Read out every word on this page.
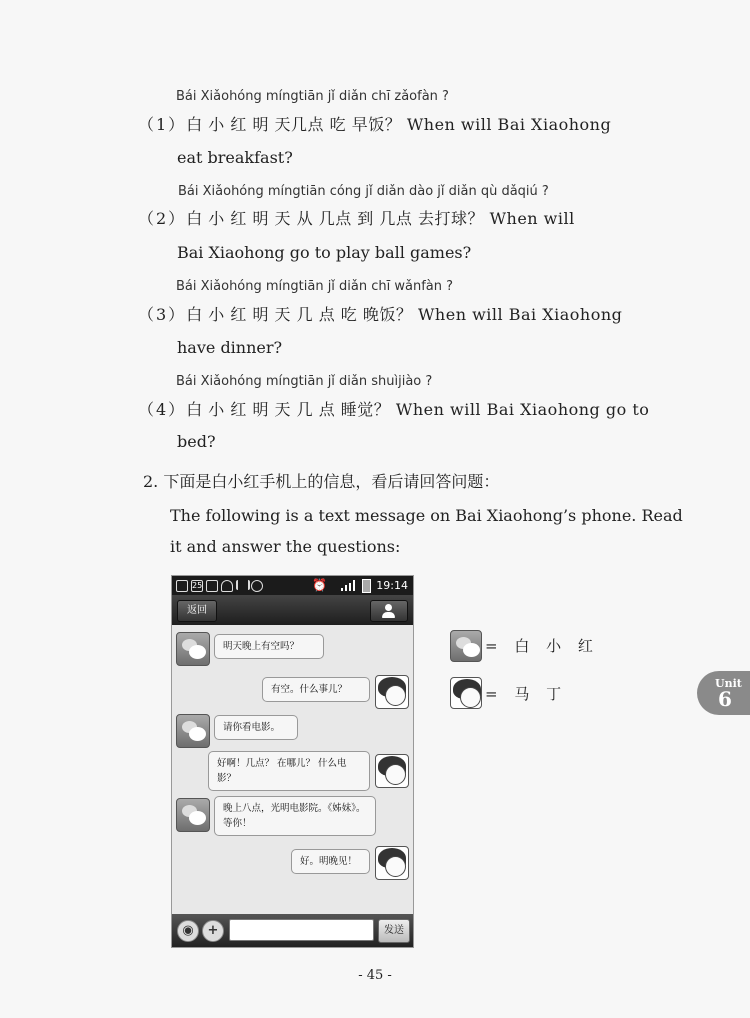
Bái Xiǎohóng míngtiān jǐ diǎn chī zǎofàn ?
（1）白 小 红 明 天几点 吃 早饭？ When will Bai Xiaohong
eat breakfast?
Bái Xiǎohóng míngtiān cóng jǐ diǎn dào jǐ diǎn qù dǎqiú ?
（2）白 小 红 明 天 从 几点 到 几点 去打球？ When will
Bai Xiaohong go to play ball games?
Bái Xiǎohóng míngtiān jǐ diǎn chī wǎnfàn ?
（3）白 小 红 明 天 几 点 吃 晚饭？ When will Bai Xiaohong
have dinner?
Bái Xiǎohóng míngtiān jǐ diǎn shuìjiào ?
（4）白 小 红 明 天 几 点 睡觉？ When will Bai Xiaohong go to
bed?
2. 下面是白小红手机上的信息，看后请回答问题：
The following is a text message on Bai Xiaohong’s phone. Read
it and answer the questions:
25	⏰	19:14
返回
明天晚上有空吗？
有空。什么事儿？
请你看电影。
好啊！几点？ 在哪儿？ 什么电
影？
晚上八点，光明电影院。《姊妹》。
等你！
好。明晚见！
◉	+	发送
= 白 小 红
= 马 丁
Unit
6
- 45 -
